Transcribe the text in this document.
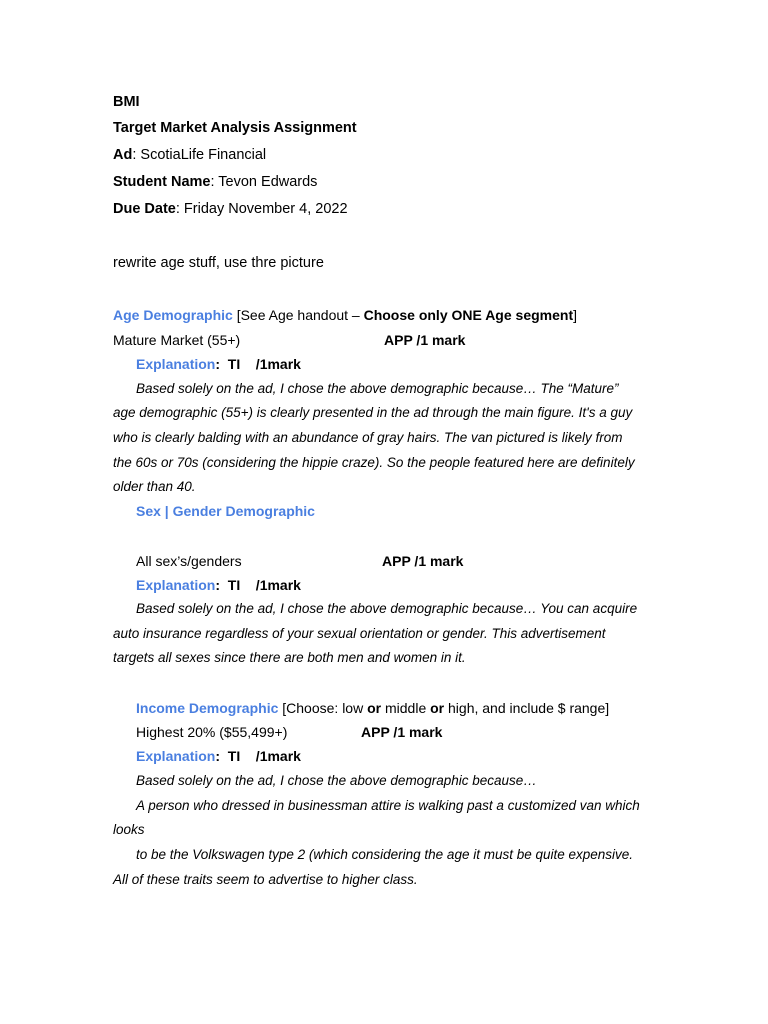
BMI
Target Market Analysis Assignment
Ad: ScotiaLife Financial
Student Name: Tevon Edwards
Due Date: Friday November 4, 2022
rewrite age stuff, use thre picture
Age Demographic [See Age handout – Choose only ONE Age segment]
Mature Market (55+)	APP /1 mark
Explanation:  TI    /1mark
Based solely on the ad, I chose the above demographic because… The “Mature”
age demographic (55+) is clearly presented in the ad through the main figure. It's a guy
who is clearly balding with an abundance of gray hairs. The van pictured is likely from
the 60s or 70s (considering the hippie craze). So the people featured here are definitely
older than 40.
Sex | Gender Demographic
All sex’s/genders	APP /1 mark
Explanation:  TI    /1mark
Based solely on the ad, I chose the above demographic because… You can acquire
auto insurance regardless of your sexual orientation or gender. This advertisement
targets all sexes since there are both men and women in it.
Income Demographic [Choose: low or middle or high, and include $ range]
Highest 20% ($55,499+)	APP /1 mark
Explanation:  TI    /1mark
Based solely on the ad, I chose the above demographic because…
A person who dressed in businessman attire is walking past a customized van which
looks
to be the Volkswagen type 2 (which considering the age it must be quite expensive.
All of these traits seem to advertise to higher class.
